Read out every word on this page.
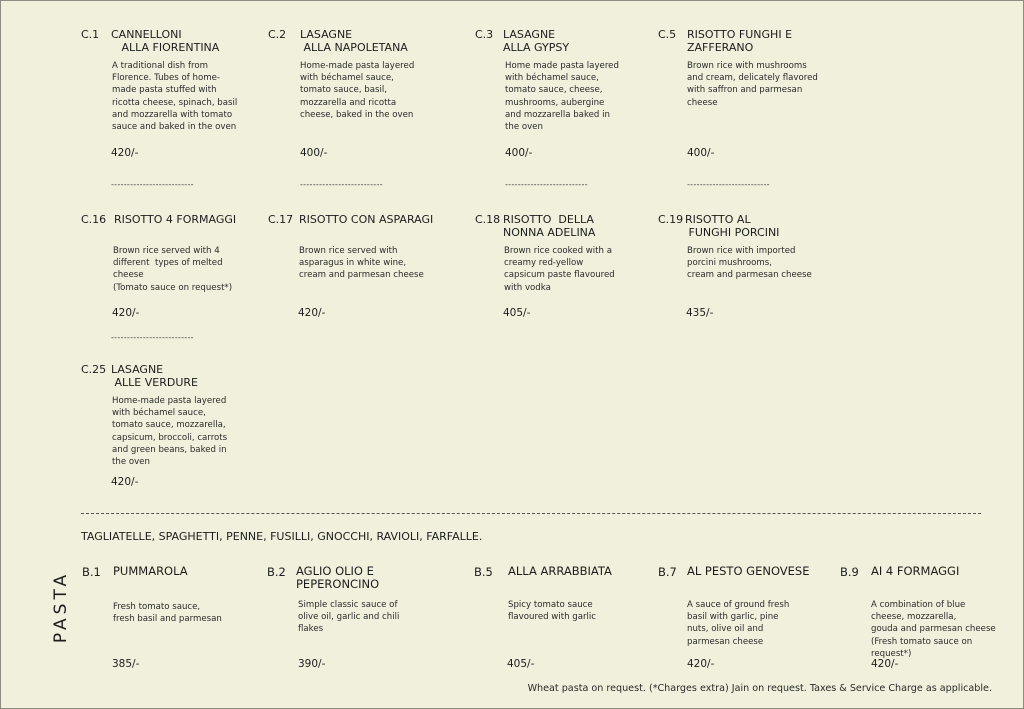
C.1 CANNELLONI
ALLA FIORENTINA
A traditional dish from
Florence. Tubes of home-
made pasta stuffed with
ricotta cheese, spinach, basil
and mozzarella with tomato
sauce and baked in the oven
420/-
--------------------------
C.2 LASAGNE
ALLA NAPOLETANA
Home-made pasta layered
with béchamel sauce,
tomato sauce, basil,
mozzarella and ricotta
cheese, baked in the oven
400/-
--------------------------
C.3 LASAGNE
ALLA GYPSY
Home made pasta layered
with béchamel sauce,
tomato sauce, cheese,
mushrooms, aubergine
and mozzarella baked in
the oven
400/-
--------------------------
C.5 RISOTTO FUNGHI E
ZAFFERANO
Brown rice with mushrooms
and cream, delicately flavored
with saffron and parmesan
cheese
400/-
--------------------------
C.16 RISOTTO 4 FORMAGGI
Brown rice served with 4
different  types of melted
cheese
(Tomato sauce on request*)
420/-
--------------------------
C.17 RISOTTO CON ASPARAGI
Brown rice served with
asparagus in white wine,
cream and parmesan cheese
420/-
C.18 RISOTTO  DELLA
NONNA ADELINA
Brown rice cooked with a
creamy red-yellow
capsicum paste flavoured
with vodka
405/-
C.19 RISOTTO AL
FUNGHI PORCINI
Brown rice with imported
porcini mushrooms,
cream and parmesan cheese
435/-
C.25 LASAGNE
ALLE VERDURE
Home-made pasta layered
with béchamel sauce,
tomato sauce, mozzarella,
capsicum, broccoli, carrots
and green beans, baked in
the oven
420/-
TAGLIATELLE, SPAGHETTI, PENNE, FUSILLI, GNOCCHI, RAVIOLI, FARFALLE.
PASTA B.1 PUMMAROLA
Fresh tomato sauce,
fresh basil and parmesan
385/-
B.2 AGLIO OLIO E
PEPERONCINO
Simple classic sauce of
olive oil, garlic and chili
flakes
390/-
B.5 ALLA ARRABBIATA
Spicy tomato sauce
flavoured with garlic
405/-
B.7 AL PESTO GENOVESE
A sauce of ground fresh
basil with garlic, pine
nuts, olive oil and
parmesan cheese
420/-
B.9 AI 4 FORMAGGI
A combination of blue
cheese, mozzarella,
gouda and parmesan cheese
(Fresh tomato sauce on
request*)
420/-
Wheat pasta on request. (*Charges extra) Jain on request. Taxes & Service Charge as applicable.
